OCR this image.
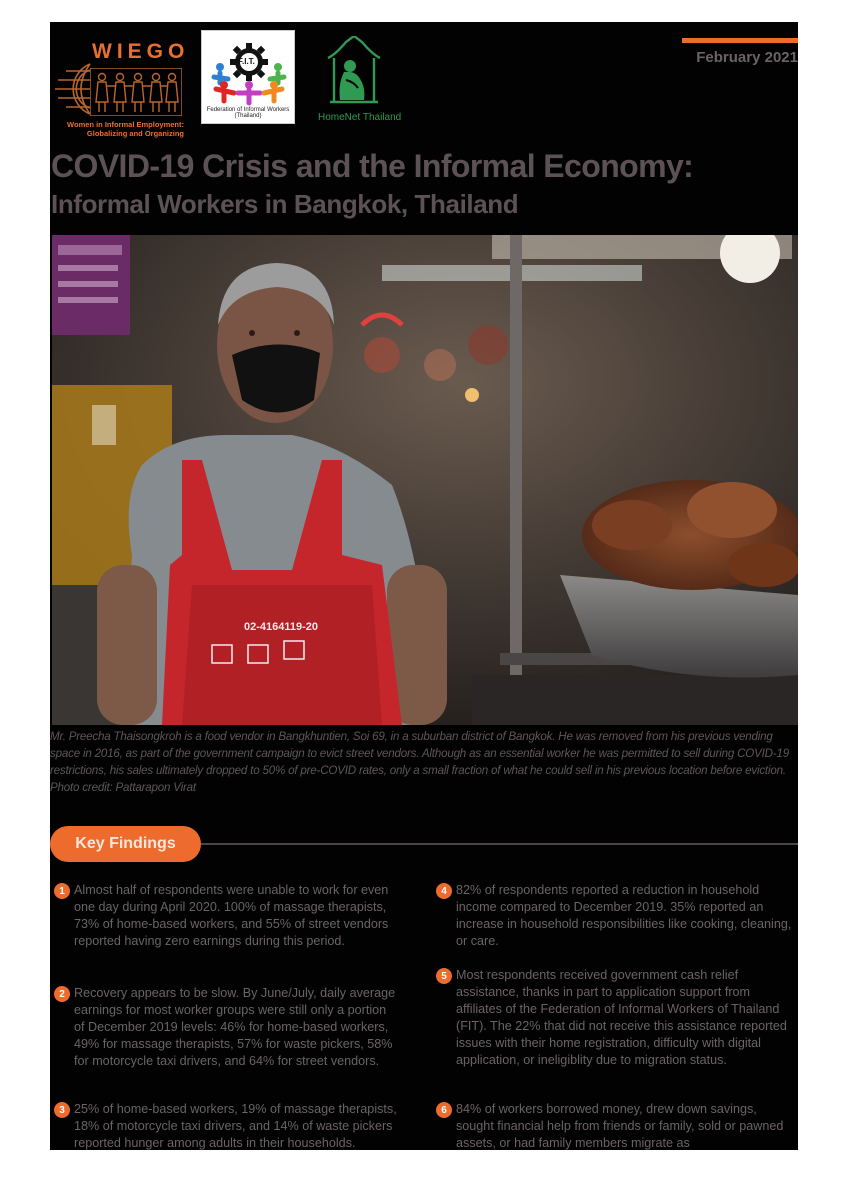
WIEGO
Women in Informal Employment:
Globalizing and Organizing
F.I.T.
Federation of Informal Workers (Thailand)	HomeNet Thailand
February 2021
COVID-19 Crisis and the Informal Economy:
Informal Workers in Bangkok, Thailand
02-4164119-20

Mr. Preecha Thaisongkroh is a food vendor in Bangkhuntien, Soi 69, in a suburban district of Bangkok. He was removed from his previous vending space in 2016, as part of the government campaign to evict street vendors. Although as an essential worker he was permitted to sell during COVID-19 restrictions, his sales ultimately dropped to 50% of pre-COVID rates, only a small fraction of what he could sell in his previous location before eviction. Photo credit: Pattarapon Virat

Key Findings
1 Almost half of respondents were unable to work for even one day during April 2020. 100% of massage therapists, 73% of home-based workers, and 55% of street vendors reported having zero earnings during this period.
2 Recovery appears to be slow. By June/July, daily average earnings for most worker groups were still only a portion of December 2019 levels: 46% for home-based workers, 49% for massage therapists, 57% for waste pickers, 58% for motorcycle taxi drivers, and 64% for street vendors.
3 25% of home-based workers, 19% of massage therapists, 18% of motorcycle taxi drivers, and 14% of waste pickers reported hunger among adults in their households.
4 82% of respondents reported a reduction in household income compared to December 2019. 35% reported an increase in household responsibilities like cooking, cleaning, or care.
5 Most respondents received government cash relief assistance, thanks in part to application support from affiliates of the Federation of Informal Workers of Thailand (FIT). The 22% that did not receive this assistance reported issues with their home registration, difficulty with digital application, or ineligiblity due to migration status.
6 84% of workers borrowed money, drew down savings, sought financial help from friends or family, sold or pawned assets, or had family members migrate as
